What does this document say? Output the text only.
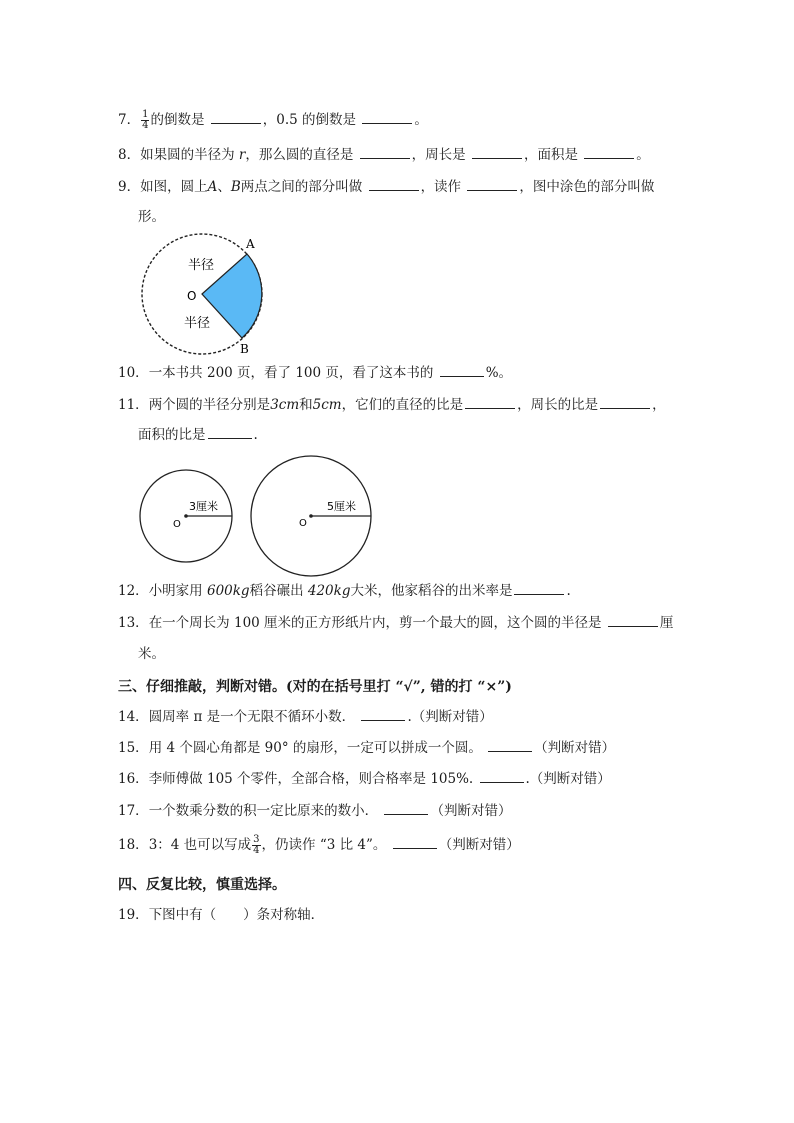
7． $\frac{1}{4}$ 的倒数是	，0.5 的倒数是	。
8．如果圆的半径为 r，那么圆的直径是	，周长是	，面积是	。
9．如图，圆上A、B两点之间的部分叫做	，读作	，图中涂色的部分叫做
形。
半径
O
半径
A
B
10．一本书共 200 页，看了 100 页，看了这本书的	%。
11．两个圆的半径分别是3cm和5cm，它们的直径的比是	，周长的比是	，
面积的比是	.
3厘米
O
5厘米
O
12．小明家用 600kg稻谷碾出 420kg大米，他家稻谷的出米率是	.
13．在一个周长为 100 厘米的正方形纸片内，剪一个最大的圆，这个圆的半径是	厘
米。
三、仔细推敲，判断对错。(对的在括号里打 “√”, 错的打 “×”)
14．圆周率 π 是一个无限不循环小数．	.（判断对错）
15．用 4 个圆心角都是 90° 的扇形，一定可以拼成一个圆。	（判断对错）
16．李师傅做 105 个零件，全部合格，则合格率是 105%.	.（判断对错）
17．一个数乘分数的积一定比原来的数小．	（判断对错）
18．3：4 也可以写成 $\frac{3}{4}$ ，仍读作 “3 比 4”。	（判断对错）
四、反复比较，慎重选择。
19．下图中有（　　）条对称轴．
